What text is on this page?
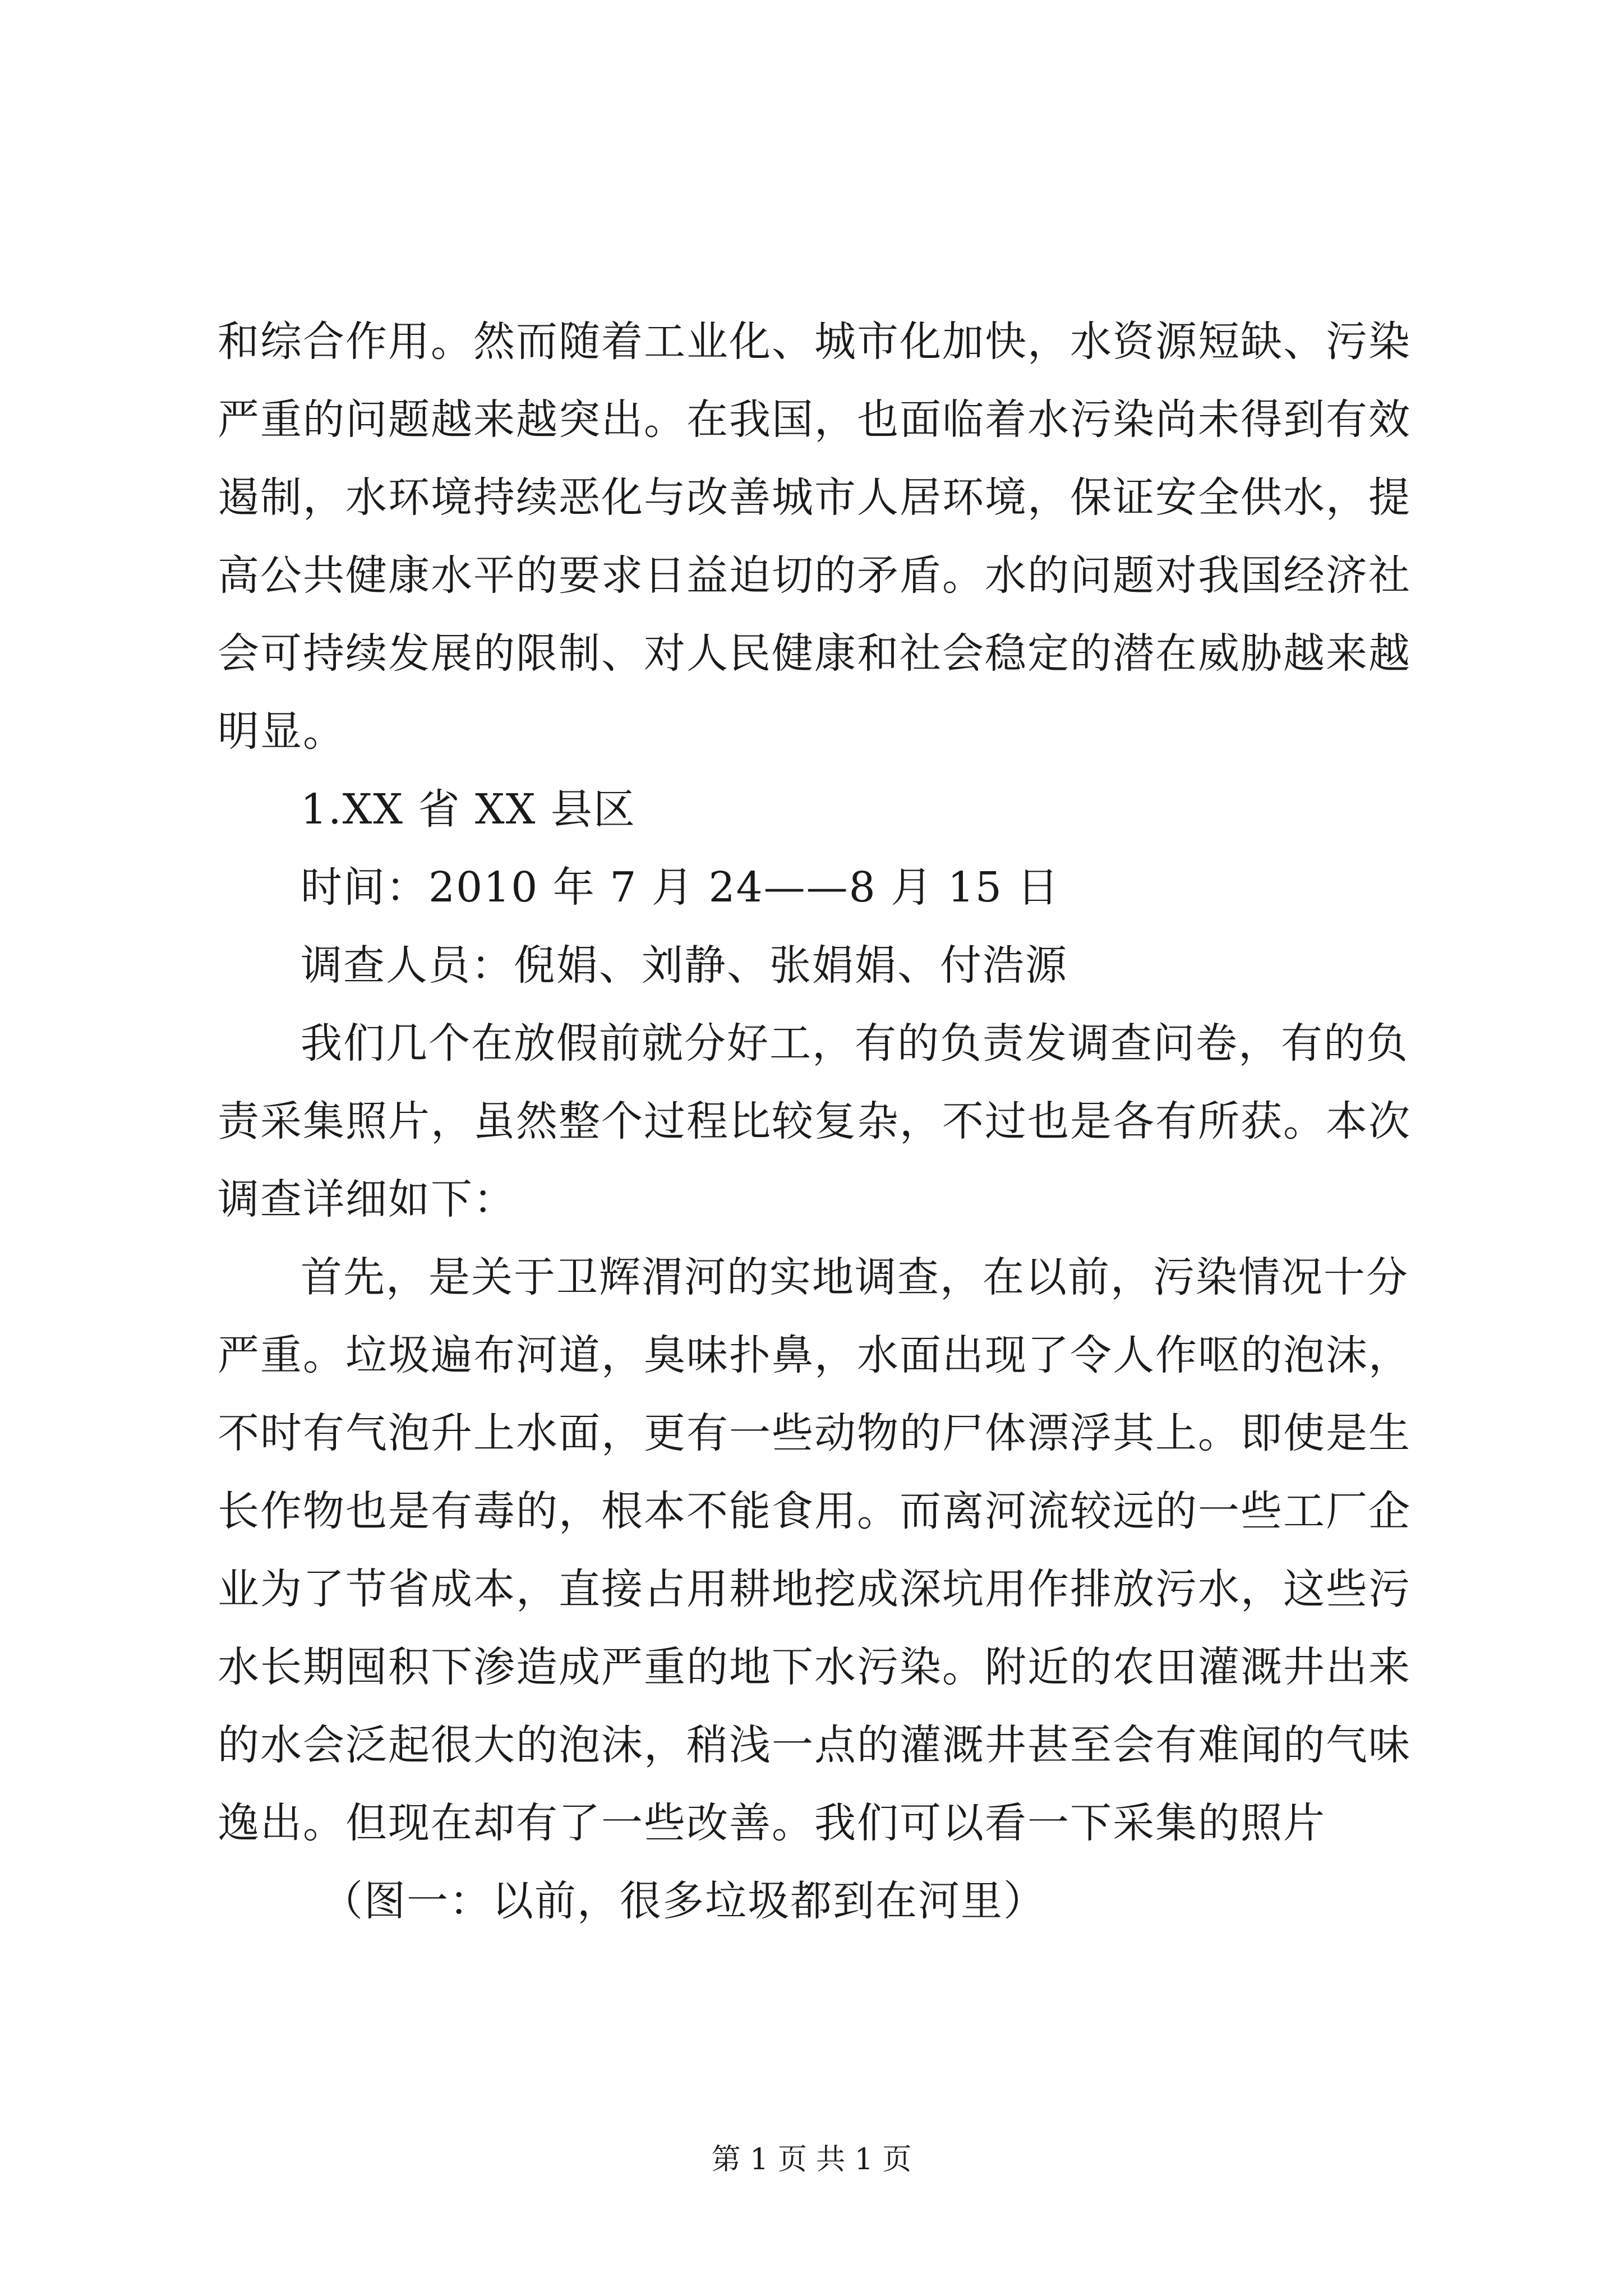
和综合作用。然而随着工业化、城市化加快，水资源短缺、污染
严重的问题越来越突出。在我国，也面临着水污染尚未得到有效
遏制，水环境持续恶化与改善城市人居环境，保证安全供水，提
高公共健康水平的要求日益迫切的矛盾。水的问题对我国经济社
会可持续发展的限制、对人民健康和社会稳定的潜在威胁越来越
明显。
1.XX 省 XX 县区
时间：2010 年 7 月 24——8 月 15 日
调查人员：倪娟、刘静、张娟娟、付浩源
我们几个在放假前就分好工，有的负责发调查问卷，有的负
责采集照片，虽然整个过程比较复杂，不过也是各有所获。本次
调查详细如下：
首先，是关于卫辉渭河的实地调查，在以前，污染情况十分
严重。垃圾遍布河道，臭味扑鼻，水面出现了令人作呕的泡沫，
不时有气泡升上水面，更有一些动物的尸体漂浮其上。即使是生
长作物也是有毒的，根本不能食用。而离河流较远的一些工厂企
业为了节省成本，直接占用耕地挖成深坑用作排放污水，这些污
水长期囤积下渗造成严重的地下水污染。附近的农田灌溉井出来
的水会泛起很大的泡沫，稍浅一点的灌溉井甚至会有难闻的气味
逸出。但现在却有了一些改善。我们可以看一下采集的照片
（图一：以前，很多垃圾都到在河里）
第 1 页 共 1 页
